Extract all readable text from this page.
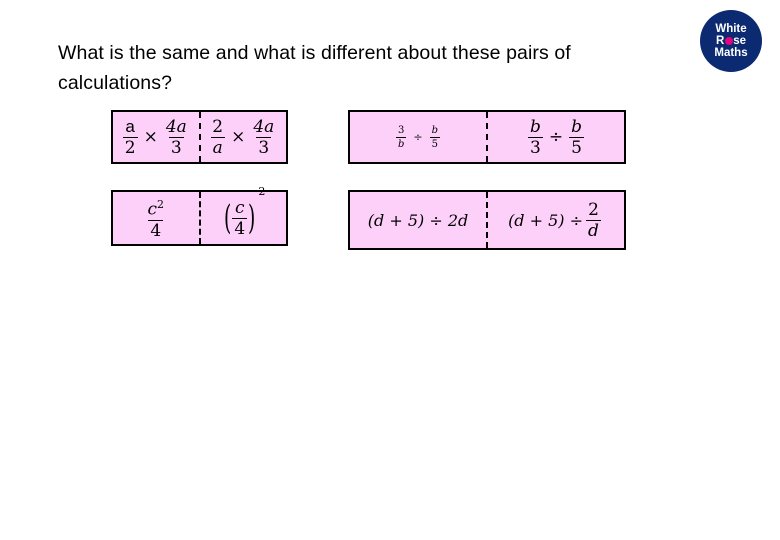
What is the same and what is different about these pairs of calculations?
White
R se
Maths
$\frac{a}{2} \times \frac{4a}{3} \frac{2}{a} \times \frac{4a}{3}$	$\frac{3}{b} \div \frac{b}{5}$	$\frac{b}{3} \div \frac{b}{5}$
$\frac{c^2}{4}$ ( $\frac{c}{4}$ )
2
(d + 5) ÷ 2d $(d + 5) \div \frac{2}{d}$
